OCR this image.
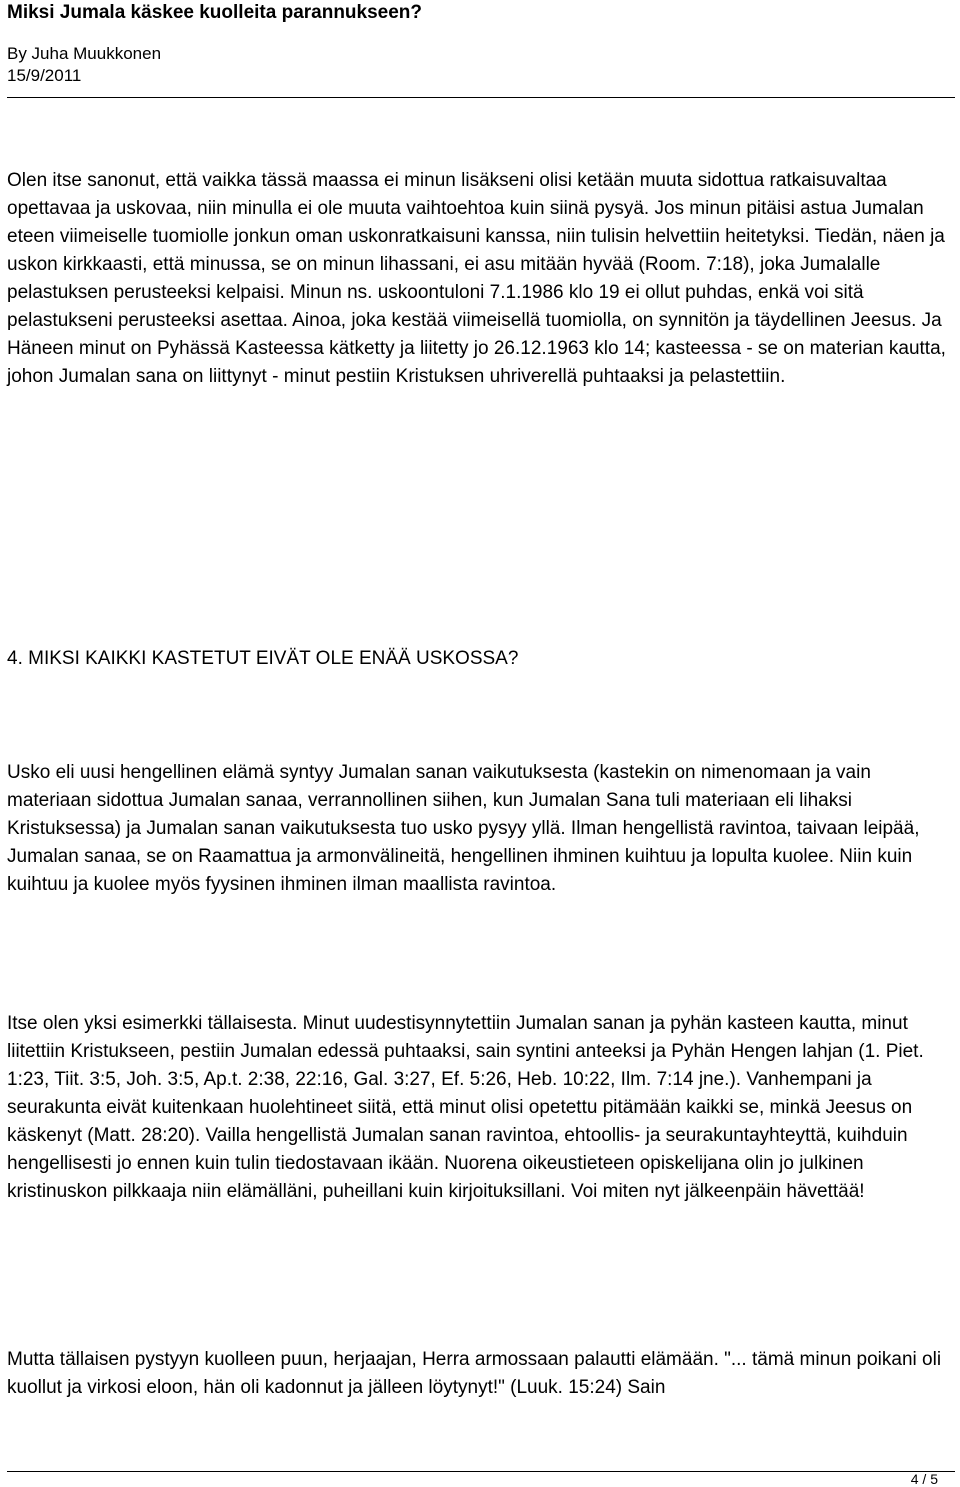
Miksi Jumala käskee kuolleita parannukseen?
By Juha Muukkonen
15/9/2011

Olen itse sanonut, että vaikka tässä maassa ei minun lisäkseni olisi ketään muuta sidottua ratkaisuvaltaa opettavaa ja uskovaa, niin minulla ei ole muuta vaihtoehtoa kuin siinä pysyä. Jos minun pitäisi astua Jumalan eteen viimeiselle tuomiolle jonkun oman uskonratkaisuni kanssa, niin tulisin helvettiin heitetyksi. Tiedän, näen ja uskon kirkkaasti, että minussa, se on minun lihassani, ei asu mitään hyvää (Room. 7:18), joka Jumalalle pelastuksen perusteeksi kelpaisi. Minun ns. uskoontuloni 7.1.1986 klo 19 ei ollut puhdas, enkä voi sitä pelastukseni perusteeksi asettaa. Ainoa, joka kestää viimeisellä tuomiolla, on synnitön ja täydellinen Jeesus. Ja Häneen minut on Pyhässä Kasteessa kätketty ja liitetty jo 26.12.1963 klo 14; kasteessa - se on materian kautta, johon Jumalan sana on liittynyt - minut pestiin Kristuksen uhriverellä puhtaaksi ja pelastettiin.

4. MIKSI KAIKKI KASTETUT EIVÄT OLE ENÄÄ USKOSSA?

Usko eli uusi hengellinen elämä syntyy Jumalan sanan vaikutuksesta (kastekin on nimenomaan ja vain materiaan sidottua Jumalan sanaa, verrannollinen siihen, kun Jumalan Sana tuli materiaan eli lihaksi Kristuksessa) ja Jumalan sanan vaikutuksesta tuo usko pysyy yllä. Ilman hengellistä ravintoa, taivaan leipää, Jumalan sanaa, se on Raamattua ja armonvälineitä, hengellinen ihminen kuihtuu ja lopulta kuolee. Niin kuin kuihtuu ja kuolee myös fyysinen ihminen ilman maallista ravintoa.

Itse olen yksi esimerkki tällaisesta. Minut uudestisynnytettiin Jumalan sanan ja pyhän kasteen kautta, minut liitettiin Kristukseen, pestiin Jumalan edessä puhtaaksi, sain syntini anteeksi ja Pyhän Hengen lahjan (1. Piet. 1:23, Tiit. 3:5, Joh. 3:5, Ap.t. 2:38, 22:16, Gal. 3:27, Ef. 5:26, Heb. 10:22, Ilm. 7:14 jne.). Vanhempani ja seurakunta eivät kuitenkaan huolehtineet siitä, että minut olisi opetettu pitämään kaikki se, minkä Jeesus on käskenyt (Matt. 28:20). Vailla hengellistä Jumalan sanan ravintoa, ehtoollis- ja seurakuntayhteyttä, kuihduin hengellisesti jo ennen kuin tulin tiedostavaan ikään. Nuorena oikeustieteen opiskelijana olin jo julkinen kristinuskon pilkkaaja niin elämälläni, puheillani kuin kirjoituksillani. Voi miten nyt jälkeenpäin hävettää!

Mutta tällaisen pystyyn kuolleen puun, herjaajan, Herra armossaan palautti elämään. "... tämä minun poikani oli kuollut ja virkosi eloon, hän oli kadonnut ja jälleen löytynyt!" (Luuk. 15:24) Sain

4 / 5
